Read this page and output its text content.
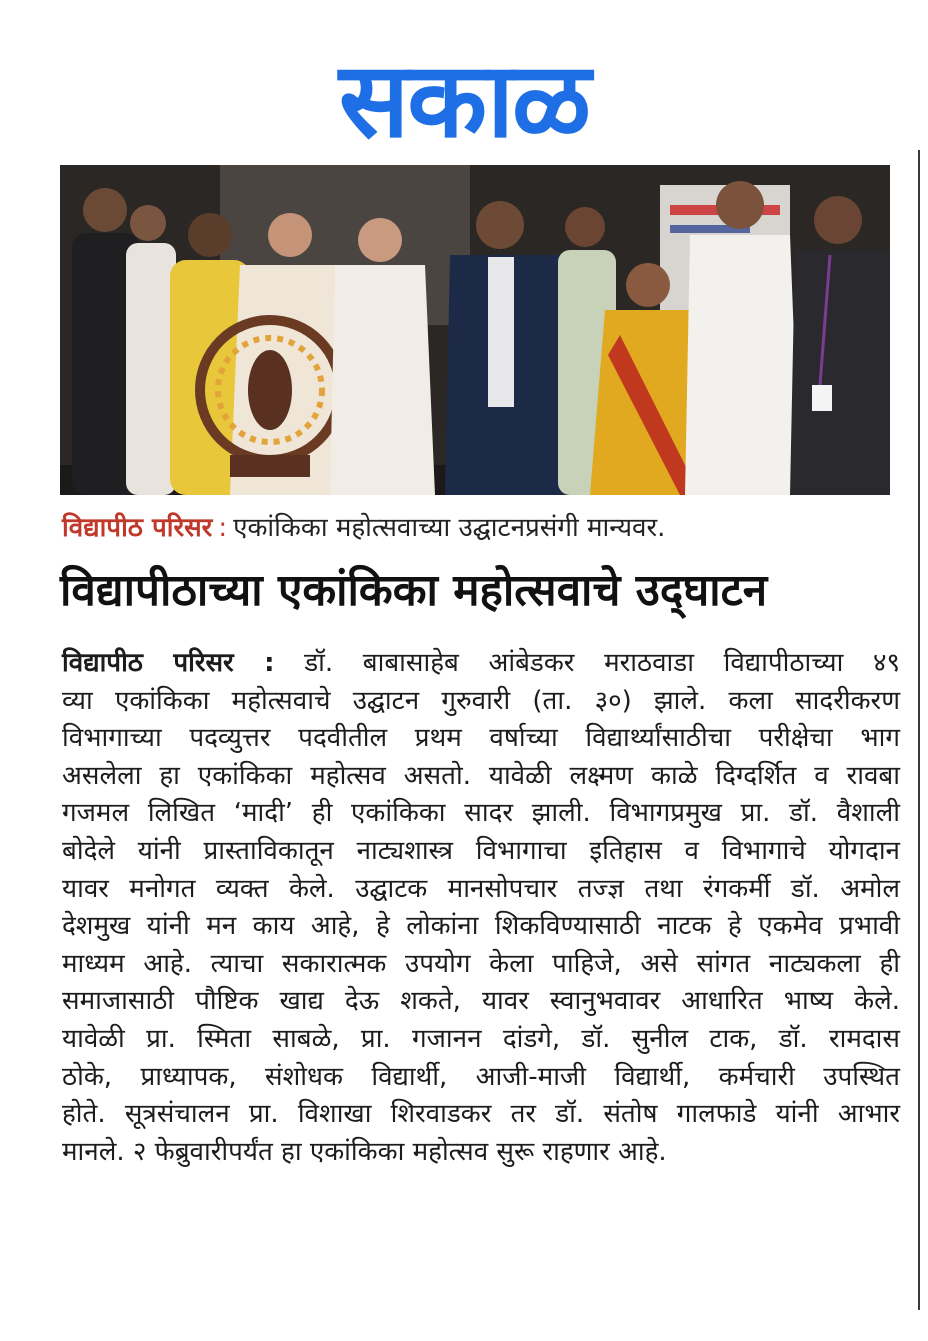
सकाळ
विद्यापीठ परिसर : एकांकिका महोत्सवाच्या उद्घाटनप्रसंगी मान्यवर.
विद्यापीठाच्या एकांकिका महोत्सवाचे उद्‌घाटन
विद्यापीठ परिसर : डॉ. बाबासाहेब आंबेडकर मराठवाडा विद्यापीठाच्या ४९
व्या एकांकिका महोत्सवाचे उद्घाटन गुरुवारी (ता. ३०) झाले. कला सादरीकरण
विभागाच्या पदव्युत्तर पदवीतील प्रथम वर्षाच्या विद्यार्थ्यांसाठीचा परीक्षेचा भाग
असलेला हा एकांकिका महोत्सव असतो. यावेळी लक्ष्मण काळे दिग्दर्शित व रावबा
गजमल लिखित ‘मादी’ ही एकांकिका सादर झाली. विभागप्रमुख प्रा. डॉ. वैशाली
बोदेले यांनी प्रास्ताविकातून नाट्यशास्त्र विभागाचा इतिहास व विभागाचे योगदान
यावर मनोगत व्यक्त केले. उद्घाटक मानसोपचार तज्ज्ञ तथा रंगकर्मी डॉ. अमोल
देशमुख यांनी मन काय आहे, हे लोकांना शिकविण्यासाठी नाटक हे एकमेव प्रभावी
माध्यम आहे. त्याचा सकारात्मक उपयोग केला पाहिजे, असे सांगत नाट्यकला ही
समाजासाठी पौष्टिक खाद्य देऊ शकते, यावर स्वानुभवावर आधारित भाष्य केले.
यावेळी प्रा. स्मिता साबळे, प्रा. गजानन दांडगे, डॉ. सुनील टाक, डॉ. रामदास
ठोके, प्राध्यापक, संशोधक विद्यार्थी, आजी-माजी विद्यार्थी, कर्मचारी उपस्थित
होते. सूत्रसंचालन प्रा. विशाखा शिरवाडकर तर डॉ. संतोष गालफाडे यांनी आभार
मानले. २ फेब्रुवारीपर्यंत हा एकांकिका महोत्सव सुरू राहणार आहे.
